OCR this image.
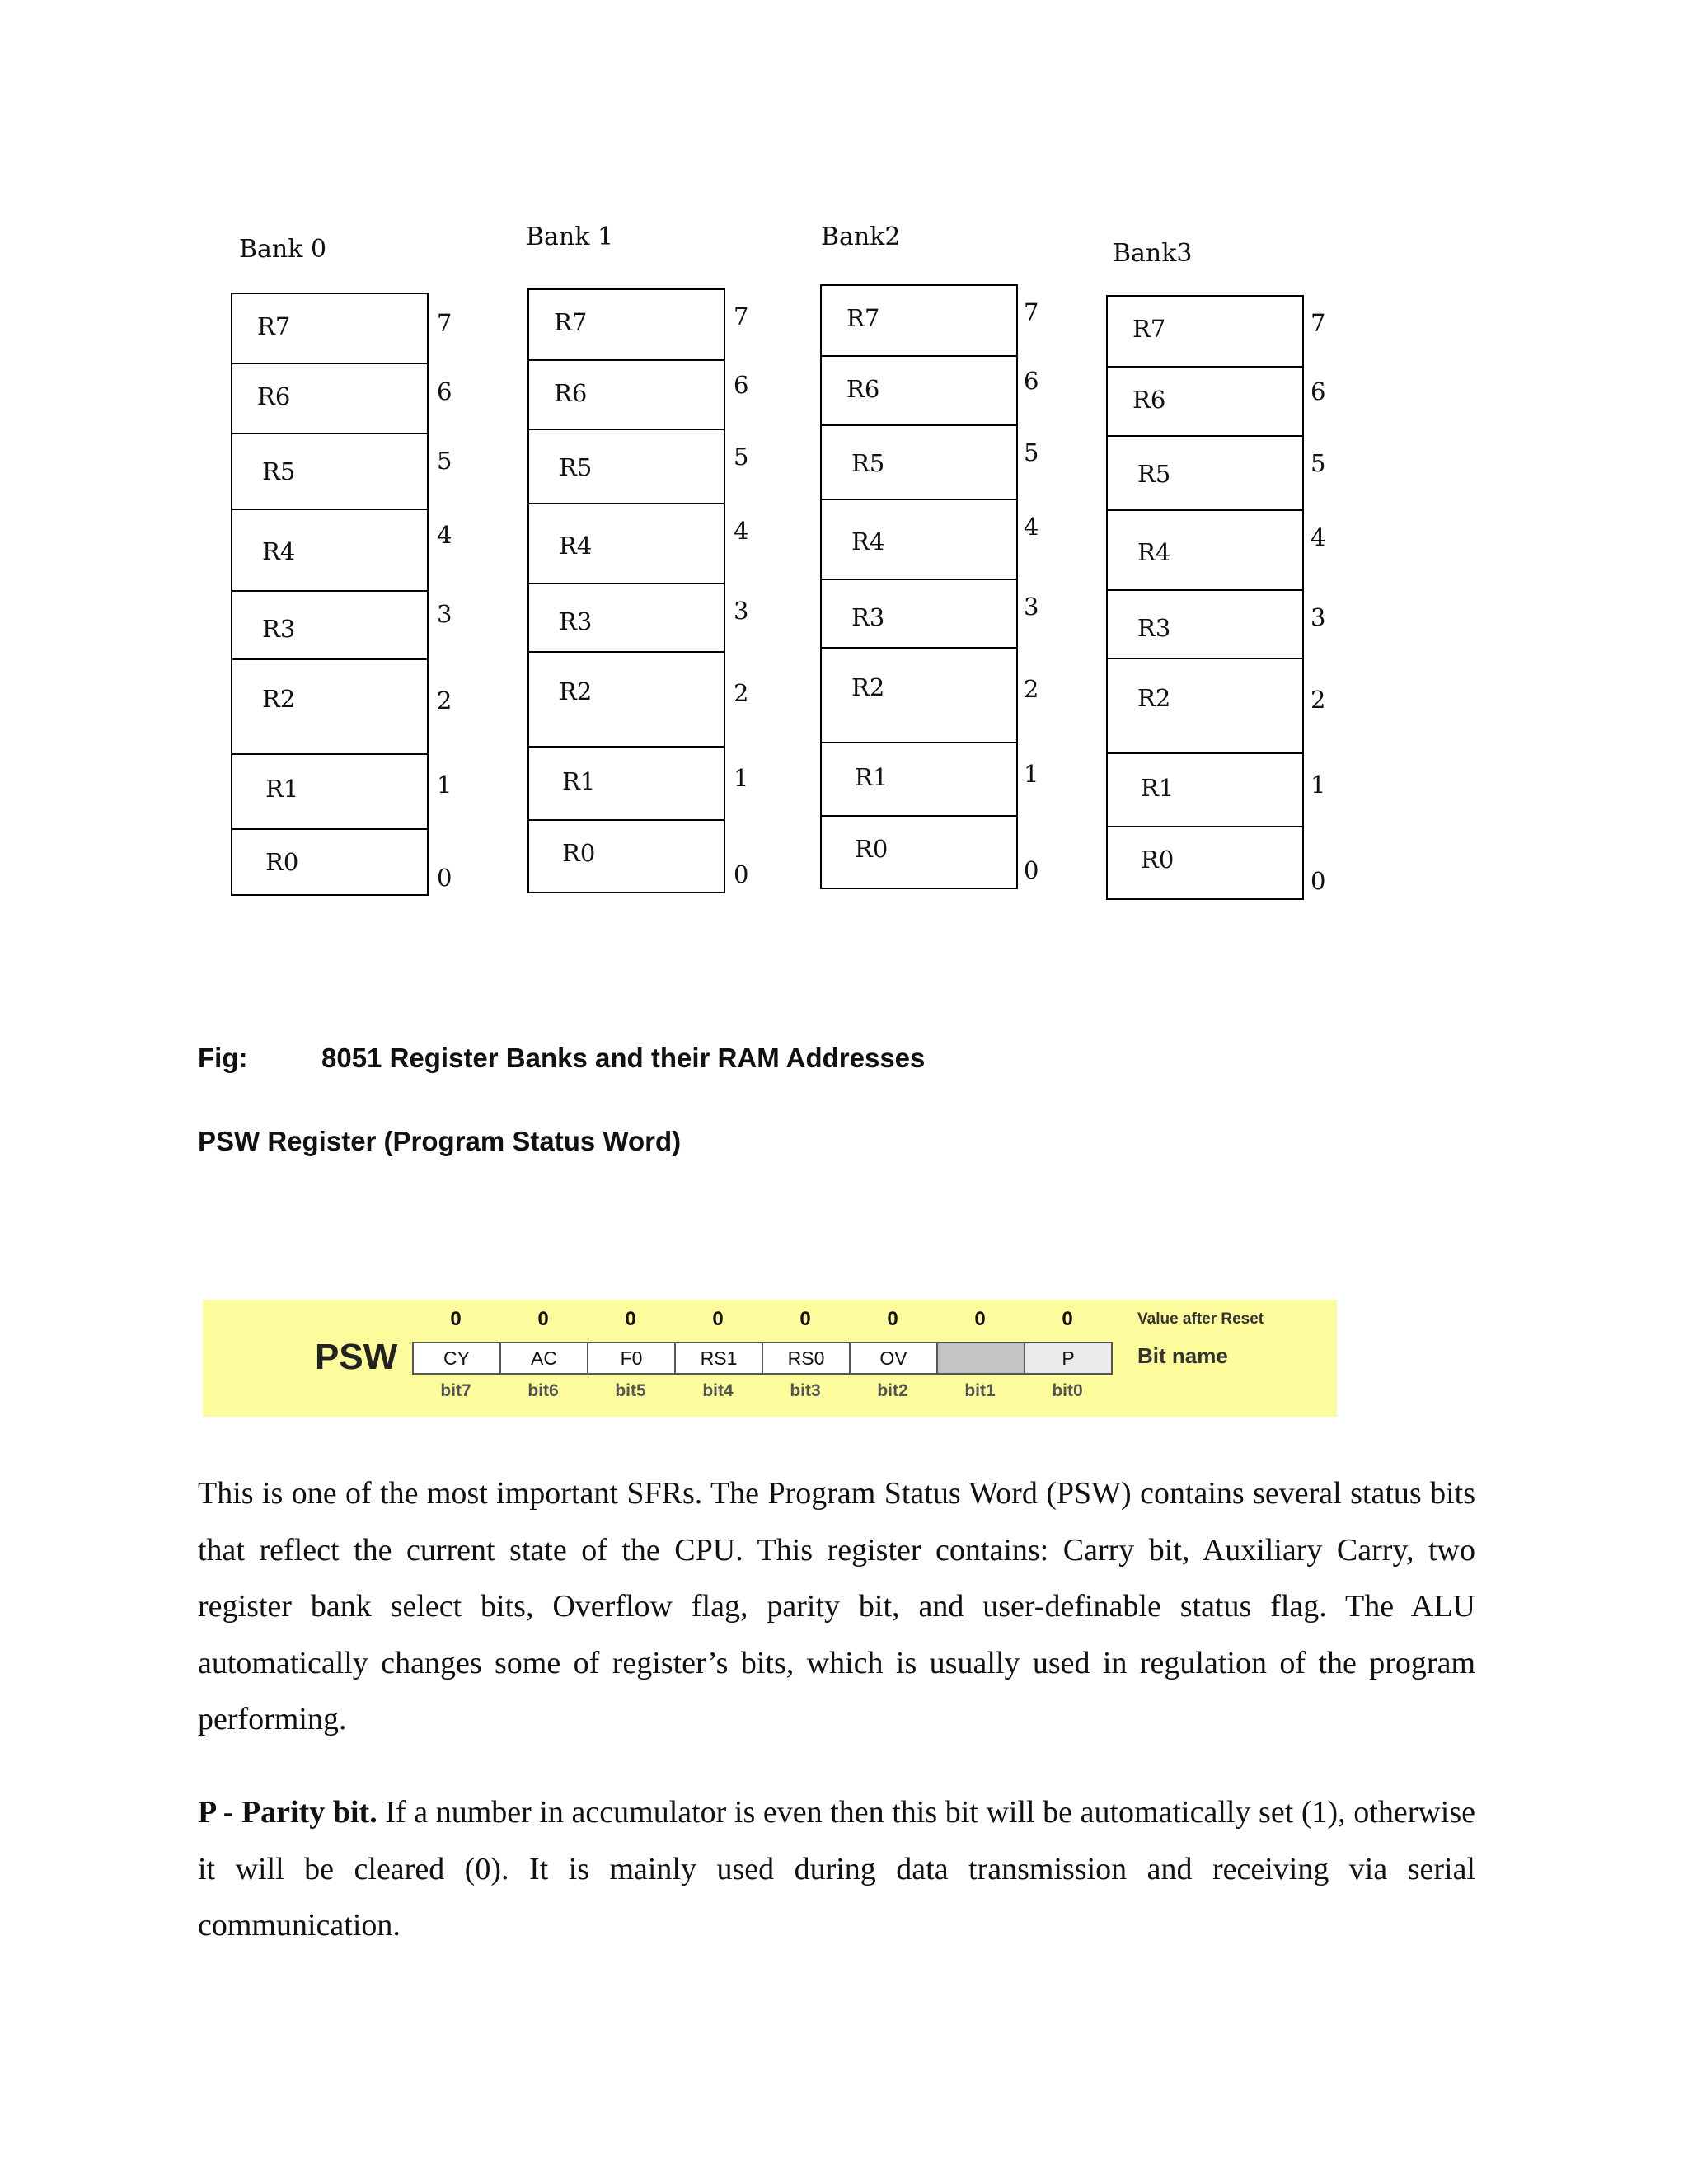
Bank 0
R7
R6
R5
R4
R3
R2
R1
R0
7
6
5
4
3
2
1
0
Bank 1
R7
R6
R5
R4
R3
R2
R1
R0
7
6
5
4
3
2
1
0
Bank2
R7
R6
R5
R4
R3
R2
R1
R0
7
6
5
4
3
2
1
0
Bank3
R7
R6
R5
R4
R3
R2
R1
R0
7
6
5
4
3
2
1
0
Fig:	8051 Register Banks and their RAM Addresses
PSW Register (Program Status Word)
PSW
0
CY
bit7
0
AC
bit6
0
F0
bit5
0
RS1
bit4
0
RS0
bit3
0
OV
bit2
0
bit1
0
P
bit0
Value after Reset
Bit name

This is one of the most important SFRs. The Program Status Word (PSW) contains several status bits that reflect the current state of the CPU. This register contains: Carry bit, Auxiliary Carry, two register bank select bits, Overflow flag, parity bit, and user-definable status flag. The ALU automatically changes some of register’s bits, which is usually used in regulation of the program performing.

P - Parity bit. If a number in accumulator is even then this bit will be automatically set (1), otherwise it will be cleared (0). It is mainly used during data transmission and receiving via serial communication.
